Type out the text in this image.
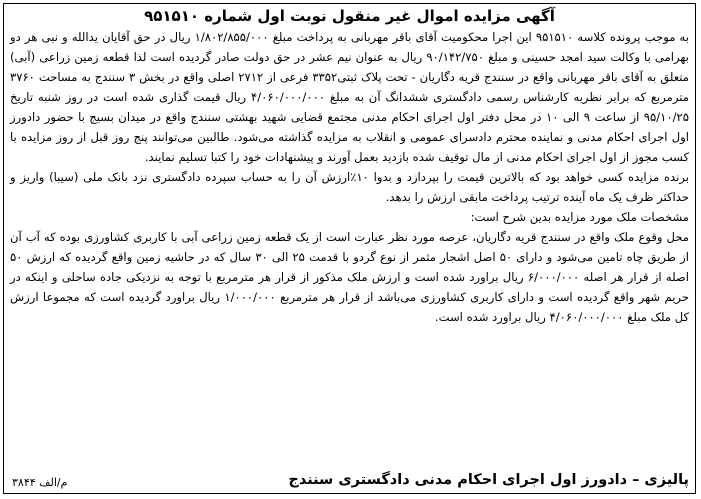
آگهی مزایده اموال غیر منقول نوبت اول شماره ۹۵۱۵۱۰

به موجب پرونده کلاسه ۹۵۱۵۱۰ این اجرا محکومیت آقای باقر مهربانی به پرداخت مبلغ ۱/۸۰۲/۸۵۵/۰۰۰ ریال در حق آقایان یدالله و نبی هر دو بهرامی با وکالت سید امجد حسینی و مبلغ ۹۰/۱۴۲/۷۵۰ ریال به عنوان نیم عشر در حق دولت صادر گردیده است لذا قطعه زمین زراعی (آبی) متعلق به آقای باقر مهربانی واقع در سنندج قریه دگاریان - تحت پلاک ثبتی۳۳۵۲ فرعی از ۲۷۱۲ اصلی واقع در بخش ۳ سنندج به مساحت ۳۷۶۰ مترمربع که برابر نظریه کارشناس رسمی دادگستری ششدانگ آن به مبلغ ۴/۰۶۰/۰۰۰/۰۰۰ ریال قیمت گذاری شده است در روز شنبه تاریخ ۹۵/۱۰/۲۵ از ساعت ۹ الی ۱۰ در محل دفتر اول اجرای احکام مدنی مجتمع قضایی شهید بهشتی سنندج واقع در میدان بسیج با حضور دادورز اول اجرای احکام مدنی و نماینده محترم دادسرای عمومی و انقلاب به مزایده گذاشته می‌شود. طالبین می‌توانند پنج روز قبل از روز مزایده با کسب مجوز از اول اجرای احکام مدنی از مال توقیف شده بازدید بعمل آورند و پیشنهادات خود را کتبا تسلیم نمایند.

برنده مزایده کسی خواهد بود که بالاترین قیمت را بپردازد و بدوا ۱۰٪ارزش آن را به حساب سپرده دادگستری نزد بانک ملی (سیبا) واریز و حداکثر ظرف یک ماه آینده ترتیب پرداخت مابقی ارزش را بدهد.

مشخصات ملک مورد مزایده بدین شرح است:

محل وقوع ملک واقع در سنندج قریه دگاریان، عرصه مورد نظر عبارت است از یک قطعه زمین زراعی آبی با کاربری کشاورزی بوده که آب آن از طریق چاه تامین می‌شود و دارای ۵۰ اصل اشجار مثمر از نوع گردو با قدمت ۲۵ الی ۳۰ سال که در حاشیه زمین واقع گردیده که ارزش ۵۰ اصله از قرار هر اصله ۶/۰۰۰/۰۰۰ ریال براورد شده است و ارزش ملک مذکور از قرار هر مترمربع با توجه به نزدیکی جاده ساحلی و اینکه در حریم شهر واقع گردیده است و دارای کاربری کشاورزی می‌باشد از قرار هر مترمربع ۱/۰۰۰/۰۰۰ ریال براورد گردیده است که مجموعا ارزش کل ملک مبلغ ۴/۰۶۰/۰۰۰/۰۰۰ ریال براورد شده است.

پالیزی – دادورز اول اجرای احکام مدنی دادگستری سنندج
م/الف ۳۸۴۴
